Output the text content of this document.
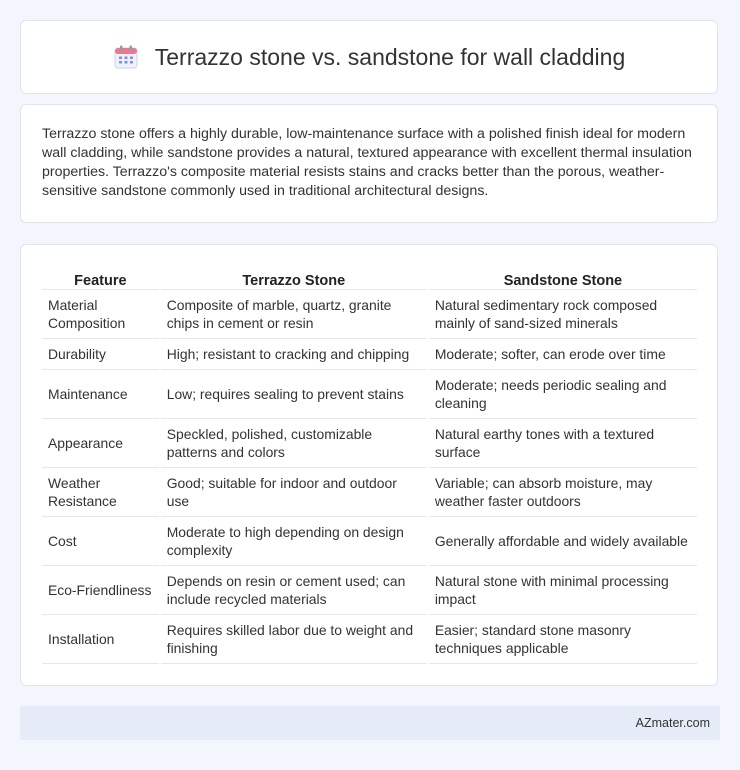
Terrazzo stone vs. sandstone for wall cladding

Terrazzo stone offers a highly durable, low-maintenance surface with a polished finish ideal for modern wall cladding, while sandstone provides a natural, textured appearance with excellent thermal insulation properties. Terrazzo's composite material resists stains and cracks better than the porous, weather-sensitive sandstone commonly used in traditional architectural designs.

Feature	Terrazzo Stone	Sandstone Stone
Material Composition	Composite of marble, quartz, granite chips in cement or resin	Natural sedimentary rock composed mainly of sand-sized minerals
Durability	High; resistant to cracking and chipping	Moderate; softer, can erode over time
Maintenance	Low; requires sealing to prevent stains	Moderate; needs periodic sealing and cleaning
Appearance	Speckled, polished, customizable patterns and colors	Natural earthy tones with a textured surface
Weather Resistance	Good; suitable for indoor and outdoor use	Variable; can absorb moisture, may weather faster outdoors
Cost	Moderate to high depending on design complexity	Generally affordable and widely available
Eco-Friendliness	Depends on resin or cement used; can include recycled materials	Natural stone with minimal processing impact
Installation	Requires skilled labor due to weight and finishing	Easier; standard stone masonry techniques applicable
AZmater.com
